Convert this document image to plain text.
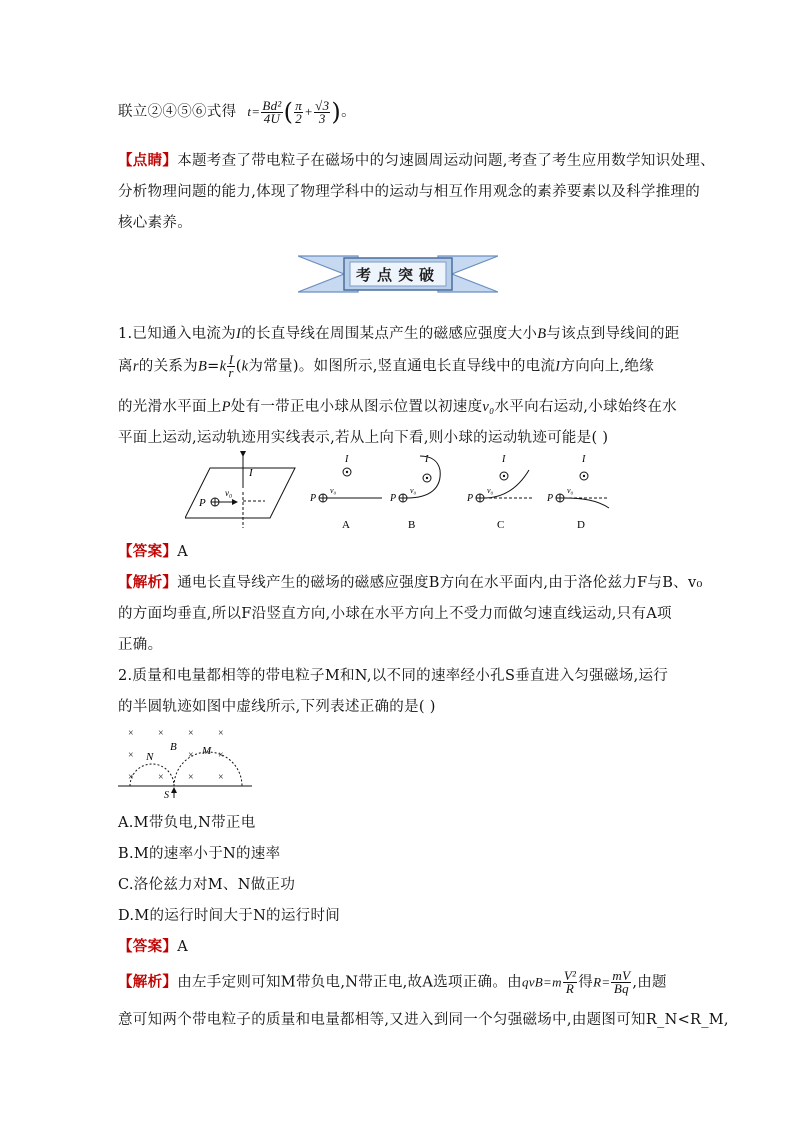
联立②④⑤⑥式得 $t= \frac{\text{Bd²}}{4U}$ ( $\frac{\pi}{2} + \frac{√3}{3}$ )。
【点睛】本题考查了带电粒子在磁场中的匀速圆周运动问题,考查了考生应用数学知识处理、
分析物理问题的能力,体现了物理学科中的运动与相互作用观念的素养要素以及科学推理的
核心素养。
考点突破
1.已知通入电流为I的长直导线在周围某点产生的磁感应强度大小B与该点到导线间的距
离r的关系为$B=k \frac{I}{r} (k$为常量)。如图所示,竖直通电长直导线中的电流I方向向上,绝缘
的光滑水平面上P处有一带正电小球从图示位置以初速度v₀水平向右运动,小球始终在水
平面上运动,运动轨迹用实线表示,若从上向下看,则小球的运动轨迹可能是( )
I
P
v₀
I
P
v₀
A
I
P
v₀
B
I
P
v₀
C
I
P
v₀
D
【答案】A
【解析】通电长直导线产生的磁场的磁感应强度B方向在水平面内,由于洛伦兹力F与B、v₀
的方面均垂直,所以F沿竖直方向,小球在水平方向上不受力而做匀速直线运动,只有A项
正确。
2.质量和电量都相等的带电粒子M和N,以不同的速率经小孔S垂直进入匀强磁场,运行
的半圆轨迹如图中虚线所示,下列表述正确的是( )
× × × ×
×	× ×
× × × ×
B
N	M
S
A.M带负电,N带正电
B.M的速率小于N的速率
C.洛伦兹力对M、N做正功
D.M的运行时间大于N的运行时间
【答案】A
【解析】由左手定则可知M带负电,N带正电,故A选项正确。由$qvB=m \frac{\text{V²}}{R}$ 得$R= \frac{mV}{Bq}$ ,由题
意可知两个带电粒子的质量和电量都相等,又进入到同一个匀强磁场中,由题图可知R_N<R_M,
